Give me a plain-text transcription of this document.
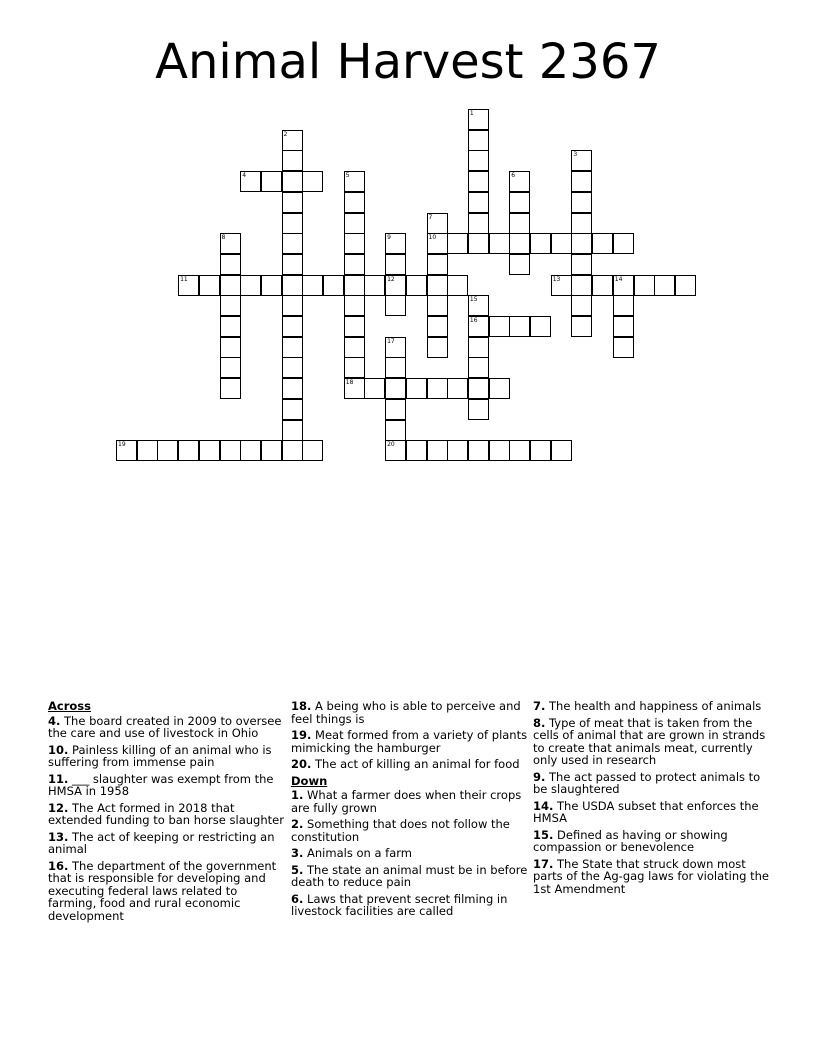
Animal Harvest 2367
4
10
11	12	13	14
16
18
19	20
1
2
3
5	6
7
8	9
15
17
Across
4. The board created in 2009 to oversee the care and use of livestock in Ohio
10. Painless killing of an animal who is suffering from immense pain
11. ___ slaughter was exempt from the HMSA in 1958
12. The Act formed in 2018 that extended funding to ban horse slaughter
13. The act of keeping or restricting an animal
16. The department of the government that is responsible for developing and executing federal laws related to farming, food and rural economic development
18. A being who is able to perceive and feel things is
19. Meat formed from a variety of plants mimicking the hamburger
20. The act of killing an animal for food
Down
1. What a farmer does when their crops are fully grown
2. Something that does not follow the constitution
3. Animals on a farm
5. The state an animal must be in before death to reduce pain
6. Laws that prevent secret filming in livestock facilities are called
7. The health and happiness of animals
8. Type of meat that is taken from the cells of animal that are grown in strands to create that animals meat, currently only used in research
9. The act passed to protect animals to be slaughtered
14. The USDA subset that enforces the HMSA
15. Defined as having or showing compassion or benevolence
17. The State that struck down most parts of the Ag-gag laws for violating the 1st Amendment
